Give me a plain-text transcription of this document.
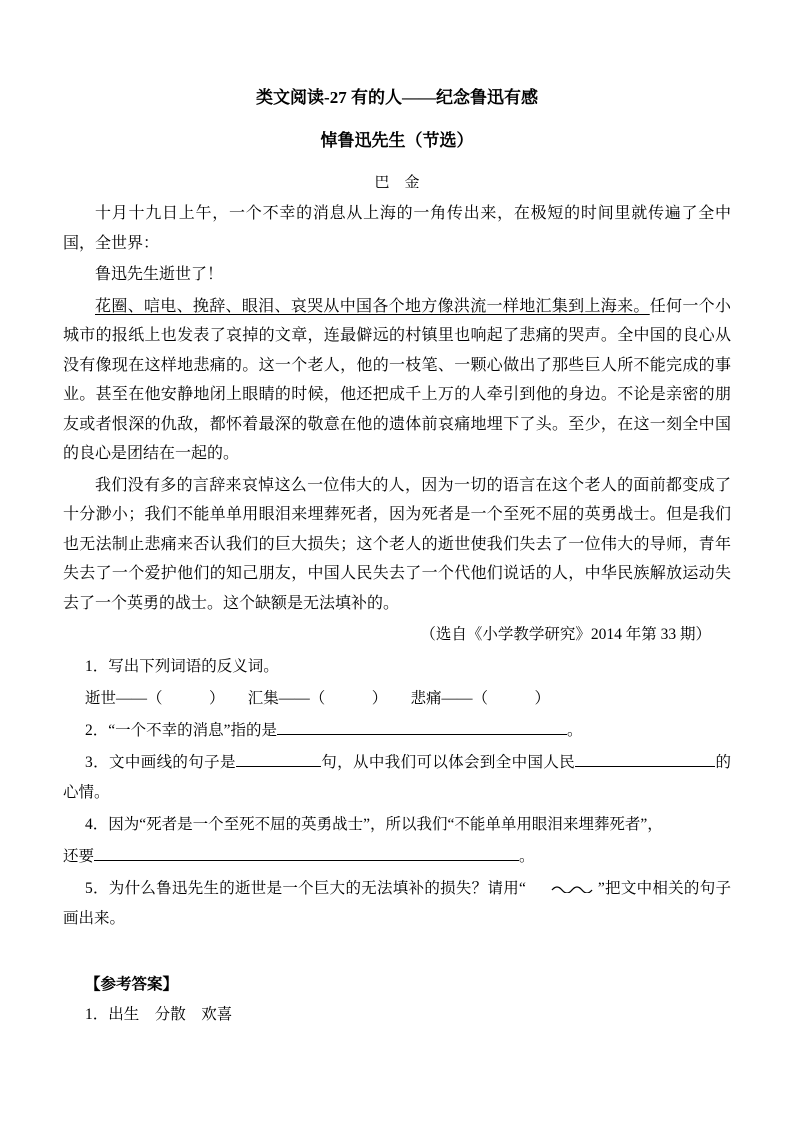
类文阅读-27 有的人——纪念鲁迅有感
悼鲁迅先生（节选）
巴　金

十月十九日上午，一个不幸的消息从上海的一角传出来，在极短的时间里就传遍了全中国，全世界：

鲁迅先生逝世了！

花圈、唁电、挽辞、眼泪、哀哭从中国各个地方像洪流一样地汇集到上海来。任何一个小城市的报纸上也发表了哀掉的文章，连最僻远的村镇里也响起了悲痛的哭声。全中国的良心从没有像现在这样地悲痛的。这一个老人，他的一枝笔、一颗心做出了那些巨人所不能完成的事业。甚至在他安静地闭上眼睛的时候，他还把成千上万的人牵引到他的身边。不论是亲密的朋友或者恨深的仇敌，都怀着最深的敬意在他的遗体前哀痛地埋下了头。至少，在这一刻全中国的良心是团结在一起的。

我们没有多的言辞来哀悼这么一位伟大的人，因为一切的语言在这个老人的面前都变成了十分渺小；我们不能单单用眼泪来埋葬死者，因为死者是一个至死不屈的英勇战士。但是我们也无法制止悲痛来否认我们的巨大损失；这个老人的逝世使我们失去了一位伟大的导师，青年失去了一个爱护他们的知己朋友，中国人民失去了一个代他们说话的人，中华民族解放运动失去了一个英勇的战士。这个缺额是无法填补的。

（选自《小学教学研究》2014 年第 33 期）

1．写出下列词语的反义词。

逝世——（　　　）　　汇集——（　　　）　　悲痛——（　　　）

2．“一个不幸的消息”指的是	。

3．文中画线的句子是	句，从中我们可以体会到全中国人民	的心情。

4．因为“死者是一个至死不屈的英勇战士”，所以我们“不能单单用眼泪来埋葬死者”，

还要	。

5．为什么鲁迅先生的逝世是一个巨大的无法填补的损失？请用“	”把文中相关的句子画出来。

【参考答案】

1．出生　分散　欢喜
